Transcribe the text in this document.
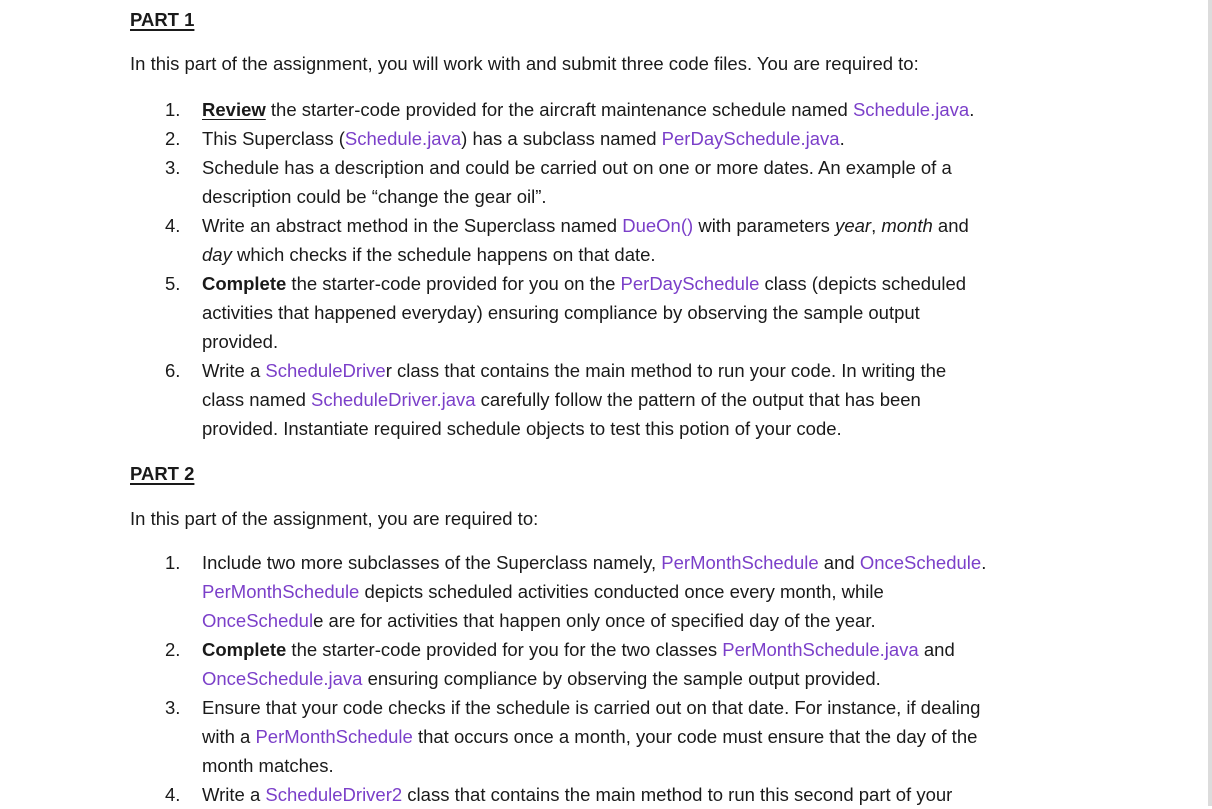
PART 1
In this part of the assignment, you will work with and submit three code files. You are required to:
1. Review the starter-code provided for the aircraft maintenance schedule named Schedule.java.
2. This Superclass (Schedule.java) has a subclass named PerDaySchedule.java.
3. Schedule has a description and could be carried out on one or more dates. An example of a
description could be “change the gear oil”.
4. Write an abstract method in the Superclass named DueOn() with parameters year, month and
day which checks if the schedule happens on that date.
5. Complete the starter-code provided for you on the PerDaySchedule class (depicts scheduled
activities that happened everyday) ensuring compliance by observing the sample output
provided.
6. Write a ScheduleDriver class that contains the main method to run your code. In writing the
class named ScheduleDriver.java carefully follow the pattern of the output that has been
provided. Instantiate required schedule objects to test this potion of your code.
PART 2
In this part of the assignment, you are required to:
1. Include two more subclasses of the Superclass namely, PerMonthSchedule and OnceSchedule.
PerMonthSchedule depicts scheduled activities conducted once every month, while
OnceSchedule are for activities that happen only once of specified day of the year.
2. Complete the starter-code provided for you for the two classes PerMonthSchedule.java and
OnceSchedule.java ensuring compliance by observing the sample output provided.
3. Ensure that your code checks if the schedule is carried out on that date. For instance, if dealing
with a PerMonthSchedule that occurs once a month, your code must ensure that the day of the
month matches.
4. Write a ScheduleDriver2 class that contains the main method to run this second part of your
